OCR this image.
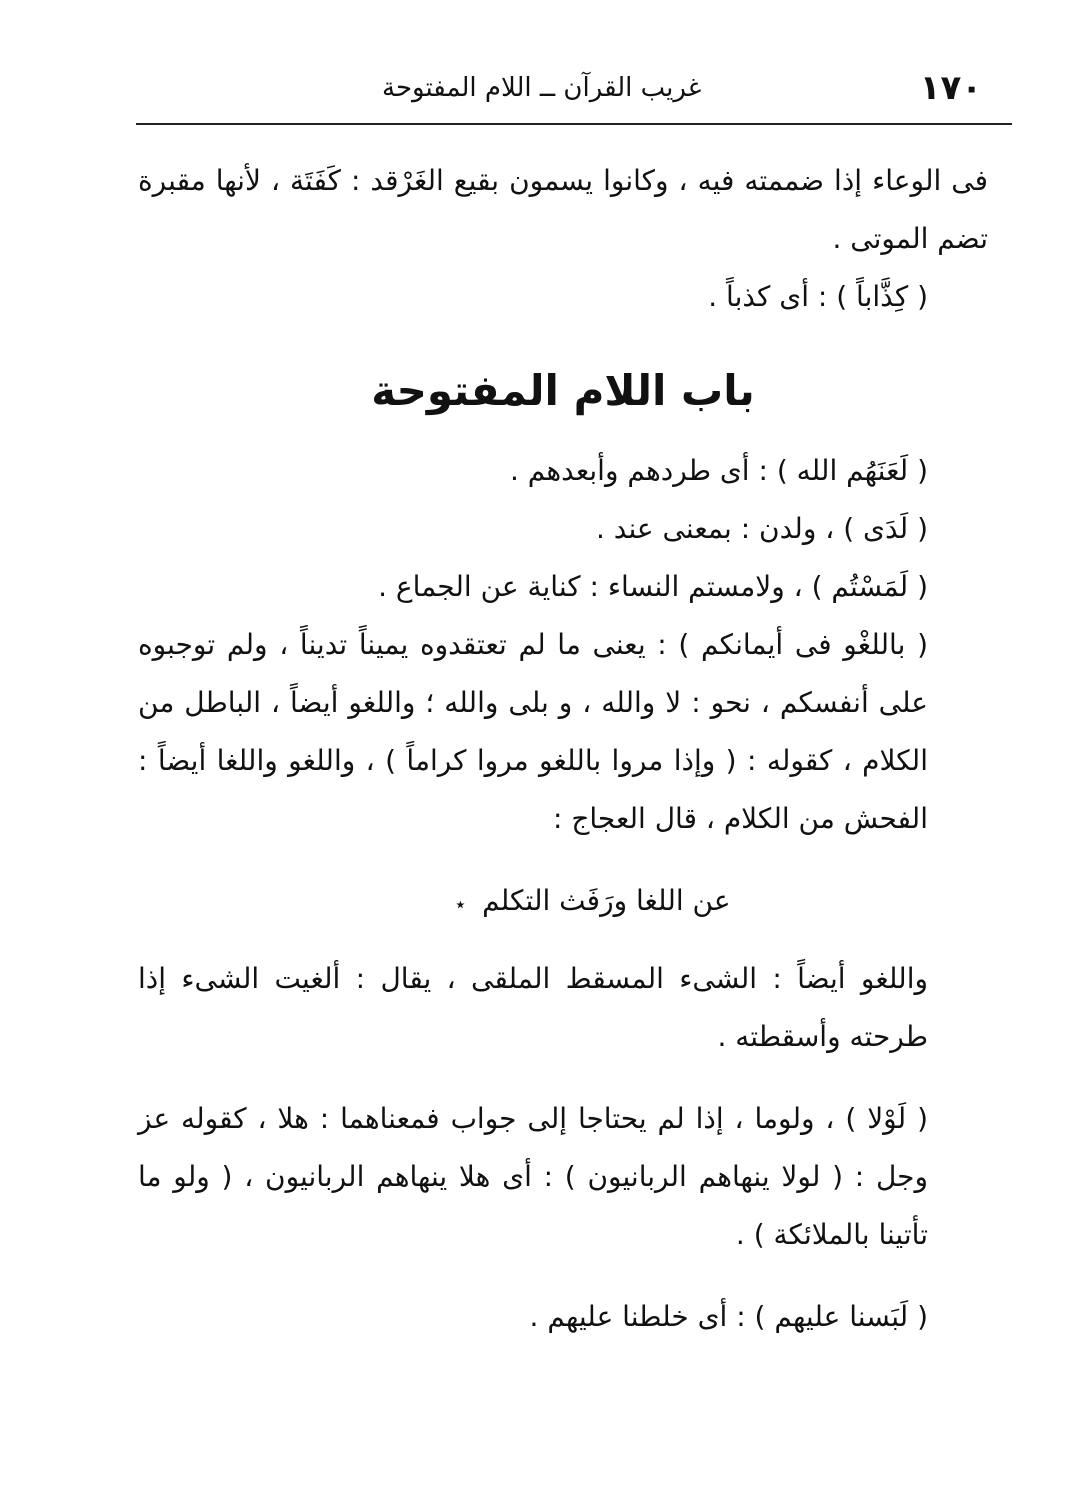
١٧٠
غريب القرآن ــ اللام المفتوحة

فى الوعاء إذا ضممته فيه ، وكانوا يسمون بقيع الغَرْقد : كَفَتَة ، لأنها مقبرة تضم الموتى .

( كِذَّاباً ) : أى كذباً .

باب اللام المفتوحة

( لَعَنَهُم الله ) : أى طردهم وأبعدهم .

( لَدَى ) ، ولدن : بمعنى عند .

( لَمَسْتُم ) ، ولامستم النساء : كناية عن الجماع .

( باللغْو فى أيمانكم ) : يعنى ما لم تعتقدوه يميناً تديناً ، ولم توجبوه على أنفسكم ، نحو : لا والله ، و بلى والله ؛ واللغو أيضاً ، الباطل من الكلام ، كقوله : ( وإذا مروا باللغو مروا كراماً ) ، واللغو واللغا أيضاً : الفحش من الكلام ، قال العجاج :

عن اللغا ورَفَث التكلم ٭

واللغو أيضاً : الشىء المسقط الملقى ، يقال : ألغيت الشىء إذا طرحته وأسقطته .

( لَوْلا ) ، ولوما ، إذا لم يحتاجا إلى جواب فمعناهما : هلا ، كقوله عز وجل : ( لولا ينهاهم الربانيون ) : أى هلا ينهاهم الربانيون ، ( ولو ما تأتينا بالملائكة ) .

( لَبَسنا عليهم ) : أى خلطنا عليهم .
